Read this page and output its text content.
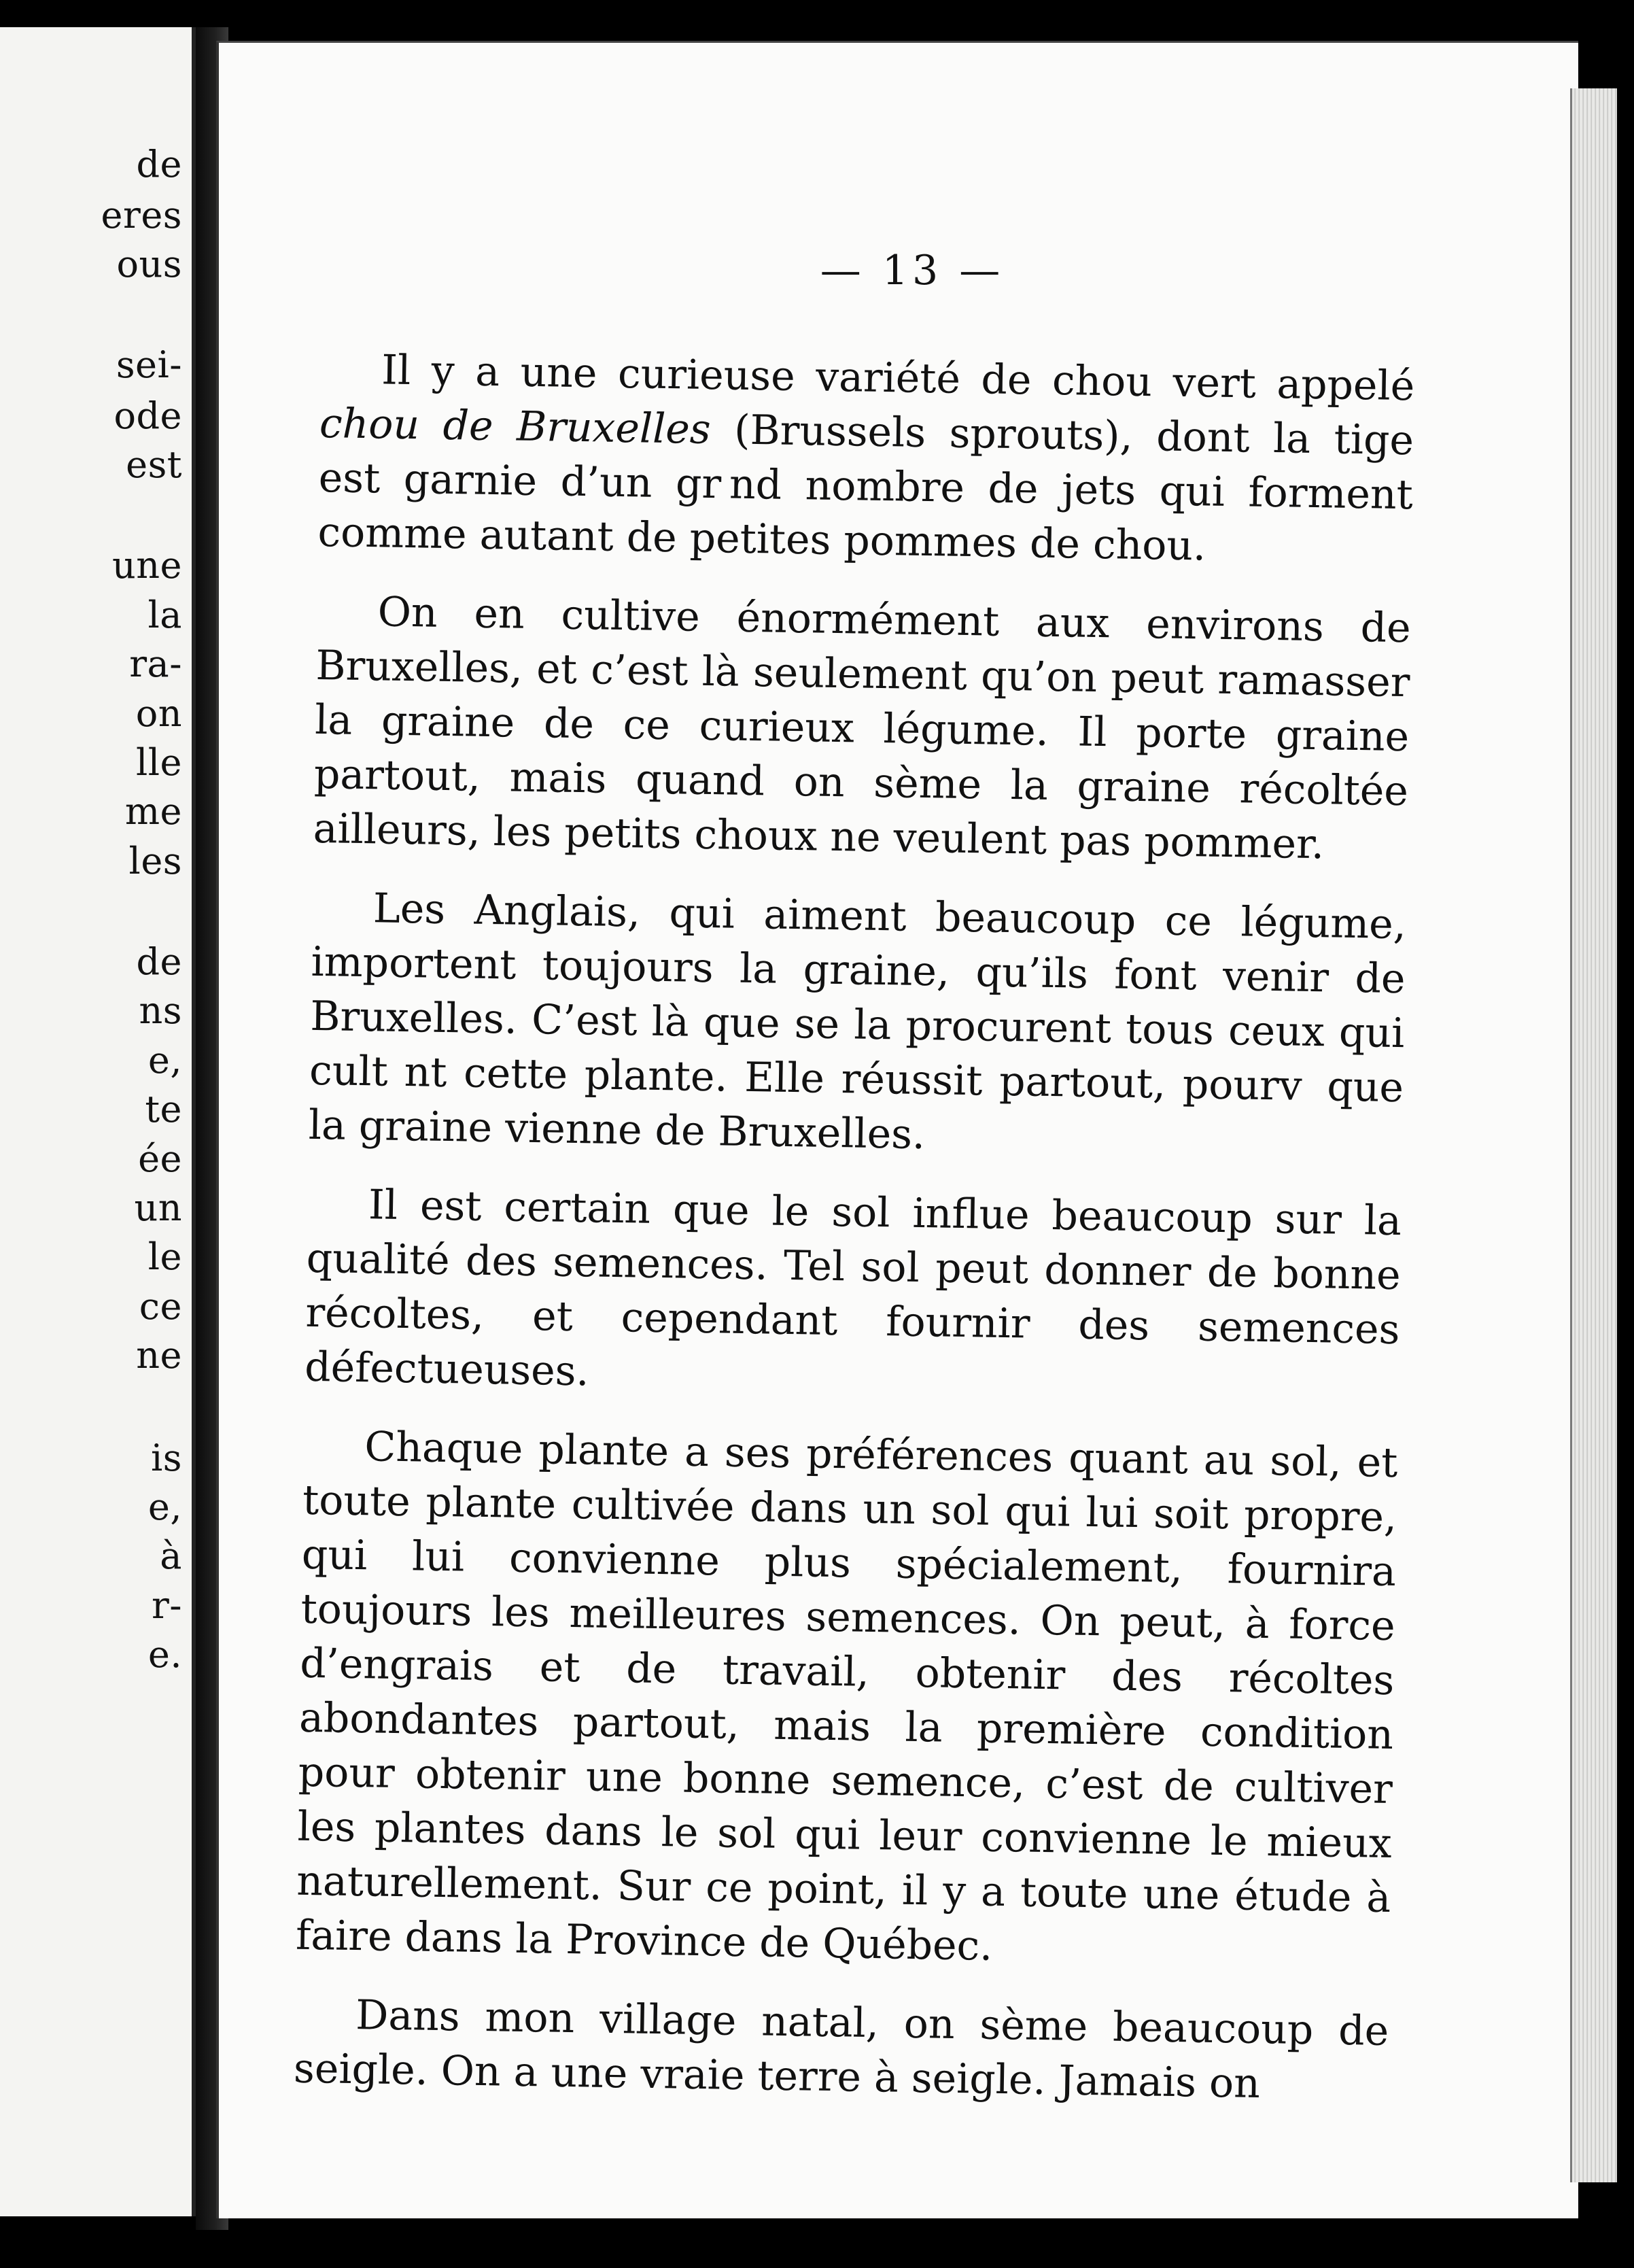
de
eres
ous
sei-
ode
est
une
la
ra-
on
lle
me
les
de
ns
e,
te
ée
un
le
ce
ne
is
e,
à
r-
e.
— 13 —

Il y a une curieuse variété de chou vert appelé chou de Bruxelles (Brussels sprouts), dont la tige est garnie d’un gr nd nombre de jets qui forment comme autant de petites pommes de chou.

On en cultive énormément aux environs de Bruxelles, et c’est là seulement qu’on peut ramasser la graine de ce curieux légume. Il porte graine partout, mais quand on sème la graine récoltée ailleurs, les petits choux ne veulent pas pommer.

Les Anglais, qui aiment beaucoup ce légume, importent toujours la graine, qu’ils font venir de Bruxelles. C’est là que se la procurent tous ceux qui cult  nt cette plante. Elle réussit partout, pourv  que la graine vienne de Bruxelles.

Il est certain que le sol influe beaucoup sur la qualité des semences. Tel sol peut donner de bonne récoltes, et cependant fournir des semences défectueuses.

Chaque plante a ses préférences quant au sol, et toute plante cultivée dans un sol qui lui soit propre, qui lui convienne plus spécialement, fournira toujours les meilleures semences. On peut, à force d’engrais et de travail, obtenir des récoltes abondantes partout, mais la première condition pour obtenir une bonne semence, c’est de cultiver les plantes dans le sol qui leur convienne le mieux naturellement. Sur ce point, il y a toute une étude à faire dans la Province de Québec.

Dans mon village natal, on sème beaucoup de seigle. On a une vraie terre à seigle. Jamais on
